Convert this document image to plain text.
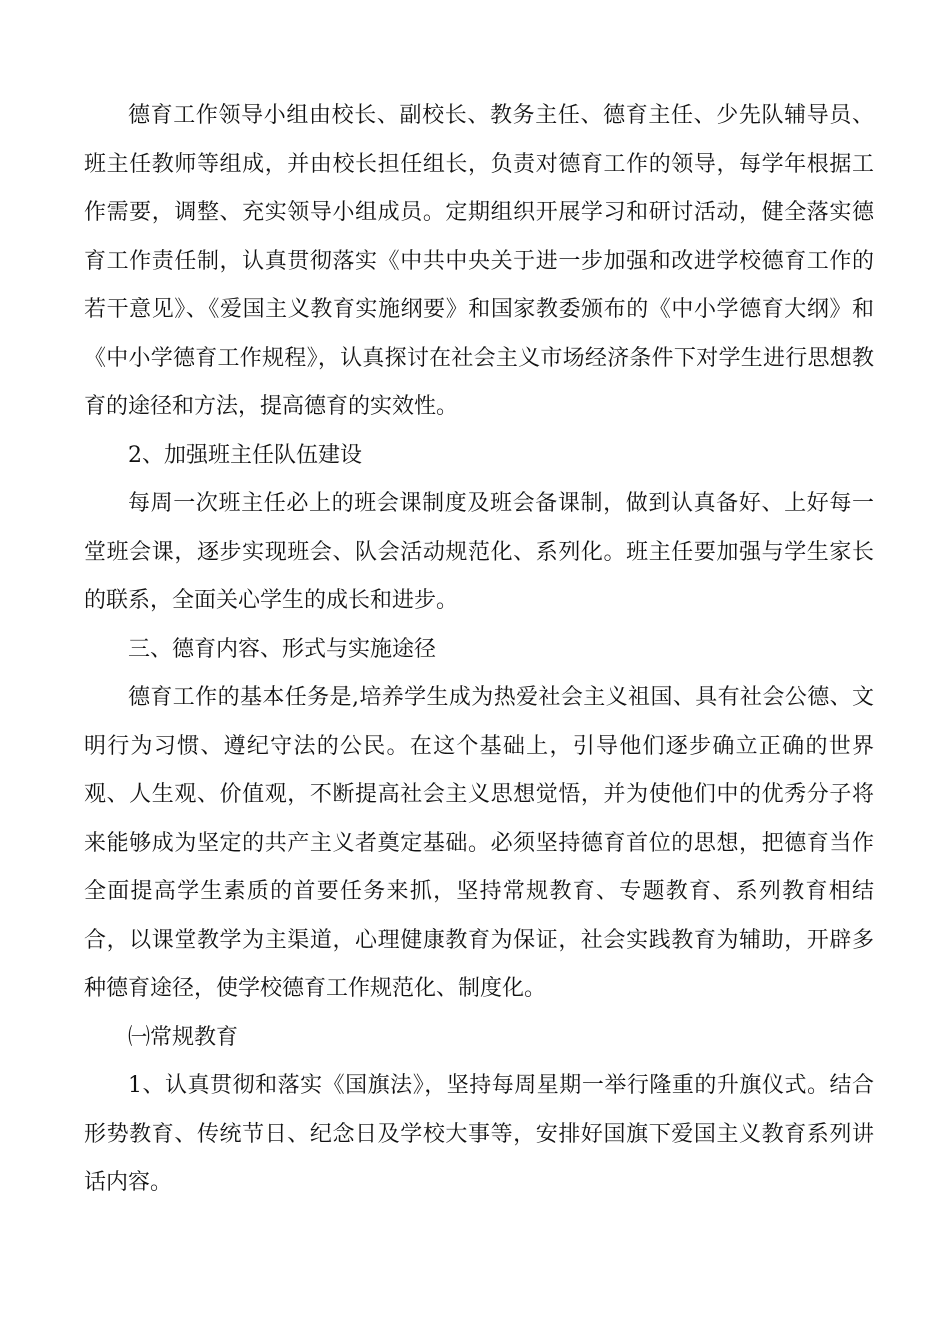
德育工作领导小组由校长、副校长、教务主任、德育主任、少先队辅导员、班主任教师等组成，并由校长担任组长，负责对德育工作的领导，每学年根据工作需要，调整、充实领导小组成员。定期组织开展学习和研讨活动，健全落实德育工作责任制，认真贯彻落实《中共中央关于进一步加强和改进学校德育工作的若干意见》、《爱国主义教育实施纲要》和国家教委颁布的《中小学德育大纲》和《中小学德育工作规程》，认真探讨在社会主义市场经济条件下对学生进行思想教育的途径和方法，提高德育的实效性。

2、加强班主任队伍建设

每周一次班主任必上的班会课制度及班会备课制，做到认真备好、上好每一堂班会课，逐步实现班会、队会活动规范化、系列化。班主任要加强与学生家长的联系，全面关心学生的成长和进步。

三、德育内容、形式与实施途径

德育工作的基本任务是,培养学生成为热爱社会主义祖国、具有社会公德、文明行为习惯、遵纪守法的公民。在这个基础上，引导他们逐步确立正确的世界观、人生观、价值观，不断提高社会主义思想觉悟，并为使他们中的优秀分子将来能够成为坚定的共产主义者奠定基础。必须坚持德育首位的思想，把德育当作全面提高学生素质的首要任务来抓，坚持常规教育、专题教育、系列教育相结合，以课堂教学为主渠道，心理健康教育为保证，社会实践教育为辅助，开辟多种德育途径，使学校德育工作规范化、制度化。

㈠常规教育

1、认真贯彻和落实《国旗法》，坚持每周星期一举行隆重的升旗仪式。结合形势教育、传统节日、纪念日及学校大事等，安排好国旗下爱国主义教育系列讲话内容。
